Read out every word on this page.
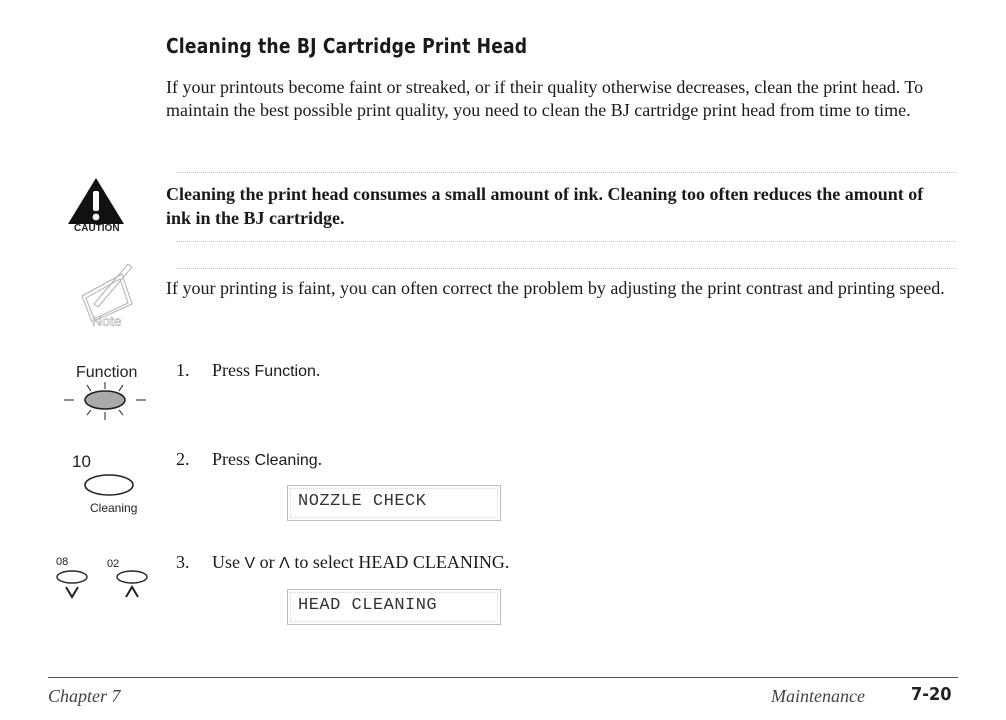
Cleaning the BJ Cartridge Print Head
If your printouts become faint or streaked, or if their quality otherwise decreases, clean the print head. To maintain the best possible print quality, you need to clean the BJ cartridge print head from time to time.
CAUTION
Cleaning the print head consumes a small amount of ink. Cleaning too often reduces the amount of ink in the BJ cartridge.
Note
If your printing is faint, you can often correct the problem by adjusting the print contrast and printing speed.
Function 1. Press Function.
10
Cleaning
2. Press Cleaning.
NOZZLE CHECK
08	02	3. Use V or Λ to select HEAD CLEANING.
HEAD CLEANING
Chapter 7	Maintenance	7-20
